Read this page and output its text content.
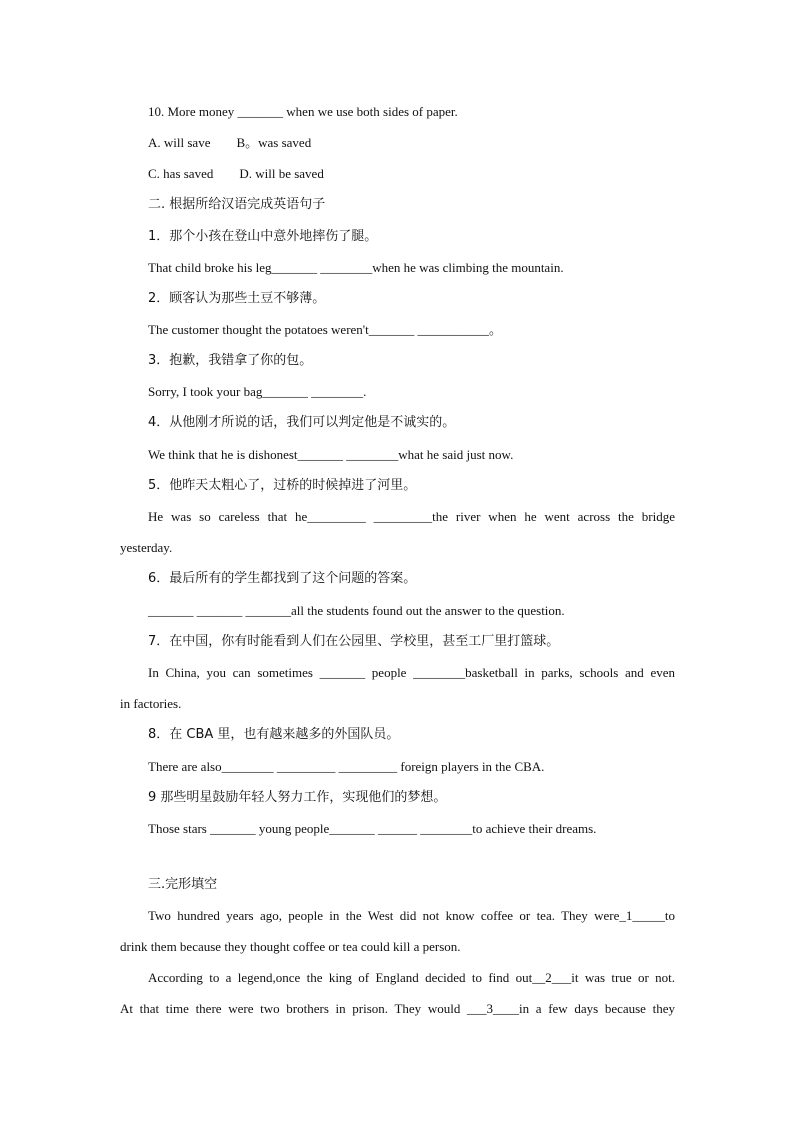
10. More money _______ when we use both sides of paper.
A. will save        B。was saved
C. has saved        D. will be saved
二. 根据所给汉语完成英语句子
1．那个小孩在登山中意外地摔伤了腿。
That child broke his leg_______ ________when he was climbing the mountain.
2．顾客认为那些土豆不够薄。
The customer thought the potatoes weren't_______ ___________。
3．抱歉，我错拿了你的包。
Sorry, I took your bag_______ ________.
4．从他刚才所说的话，我们可以判定他是不诚实的。
We think that he is dishonest_______ ________what he said just now.
5．他昨天太粗心了，过桥的时候掉进了河里。
He was so careless that he_________ _________the river when he went across the bridge
yesterday.
6．最后所有的学生都找到了这个问题的答案。
_______ _______ _______all the students found out the answer to the question.
7．在中国，你有时能看到人们在公园里、学校里，甚至工厂里打篮球。
In China, you can sometimes _______ people ________basketball in parks, schools and even
in factories.
8．在 CBA 里，也有越来越多的外国队员。
There are also________ _________ _________ foreign players in the CBA.
9 那些明星鼓励年轻人努力工作，实现他们的梦想。
Those stars _______ young people_______ ______ ________to achieve their dreams.
三.完形填空
Two hundred years ago, people in the West did not know coffee or tea. They were_1_____to
drink them because they thought coffee or tea could kill a person.
According to a legend,once the king of England decided to find out__2___it was true or not.
At that time there were two brothers in prison. They would ___3____in a few days because they
